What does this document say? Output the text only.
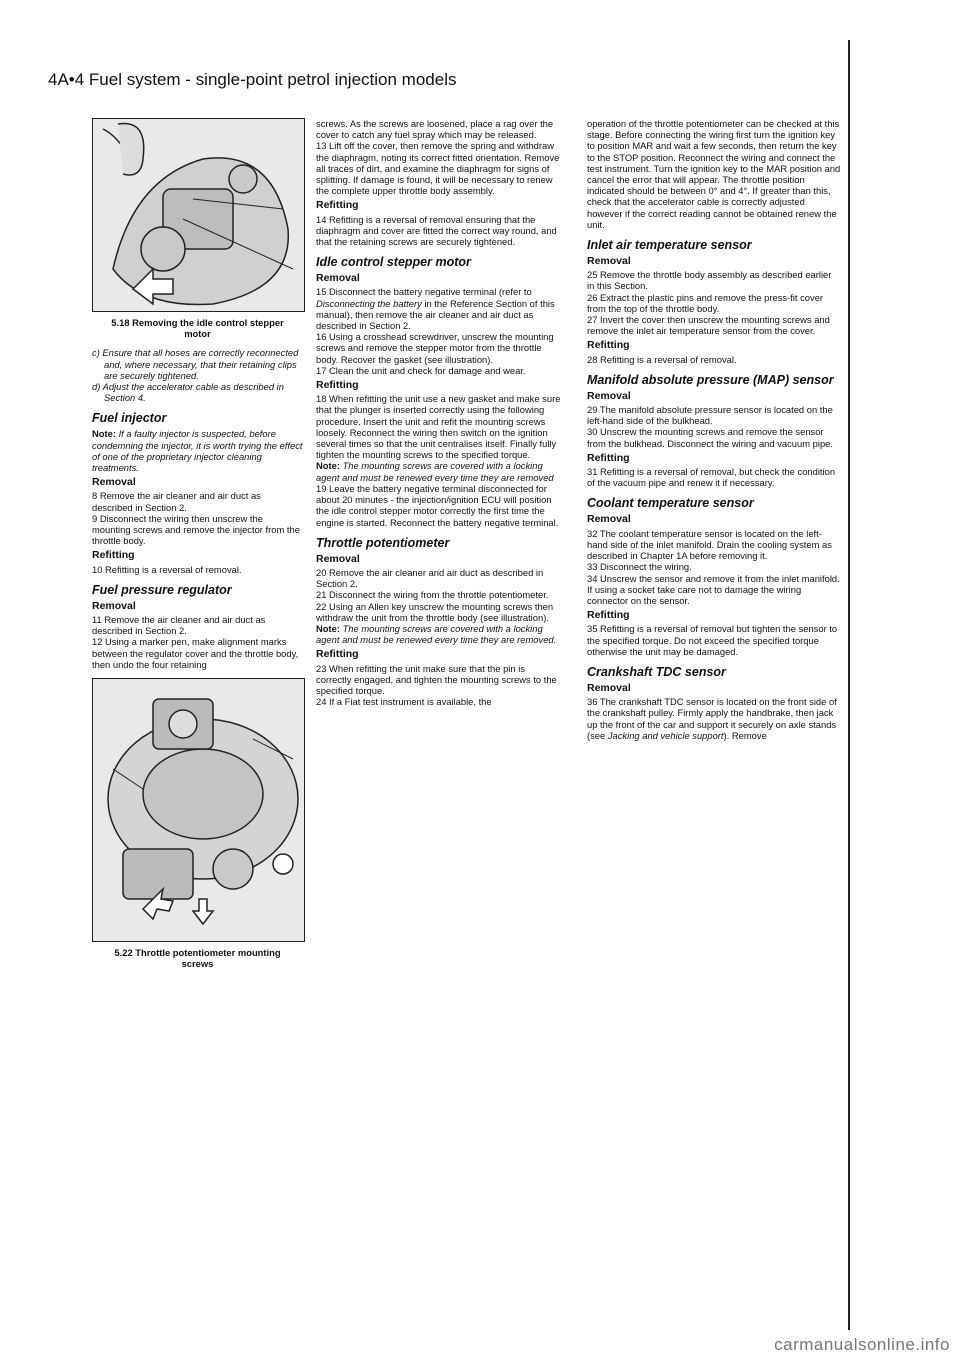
4A•4 Fuel system - single-point petrol injection models
5.18 Removing the idle control stepper motor

c) Ensure that all hoses are correctly reconnected and, where necessary, that their retaining clips are securely tightened.

d) Adjust the accelerator cable as described in Section 4.

Fuel injector

Note: If a faulty injector is suspected, before condemning the injector, it is worth trying the effect of one of the proprietary injector cleaning treatments.

Removal

8 Remove the air cleaner and air duct as described in Section 2.

9 Disconnect the wiring then unscrew the mounting screws and remove the injector from the throttle body.

Refitting

10 Refitting is a reversal of removal.

Fuel pressure regulator
Removal

11 Remove the air cleaner and air duct as described in Section 2.

12 Using a marker pen, make alignment marks between the regulator cover and the throttle body, then undo the four retaining

5.22 Throttle potentiometer mounting screws

screws. As the screws are loosened, place a rag over the cover to catch any fuel spray which may be released.

13 Lift off the cover, then remove the spring and withdraw the diaphragm, noting its correct fitted orientation. Remove all traces of dirt, and examine the diaphragm for signs of splitting. If damage is found, it will be necessary to renew the complete upper throttle body assembly.

Refitting

14 Refitting is a reversal of removal ensuring that the diaphragm and cover are fitted the correct way round, and that the retaining screws are securely tightened.

Idle control stepper motor
Removal

15 Disconnect the battery negative terminal (refer to Disconnecting the battery in the Reference Section of this manual), then remove the air cleaner and air duct as described in Section 2.

16 Using a crosshead screwdriver, unscrew the mounting screws and remove the stepper motor from the throttle body. Recover the gasket (see illustration).

17 Clean the unit and check for damage and wear.

Refitting

18 When refitting the unit use a new gasket and make sure that the plunger is inserted correctly using the following procedure. Insert the unit and refit the mounting screws loosely. Reconnect the wiring then switch on the ignition several times so that the unit centralises itself. Finally fully tighten the mounting screws to the specified torque.

Note: The mounting screws are covered with a locking agent and must be renewed every time they are removed

19 Leave the battery negative terminal disconnected for about 20 minutes - the injection/ignition ECU will position the idle control stepper motor correctly the first time the engine is started. Reconnect the battery negative terminal.

Throttle potentiometer
Removal

20 Remove the air cleaner and air duct as described in Section 2.

21 Disconnect the wiring from the throttle potentiometer.

22 Using an Allen key unscrew the mounting screws then withdraw the unit from the throttle body (see illustration). Note: The mounting screws are covered with a locking agent and must be renewed every time they are removed.

Refitting

23 When refitting the unit make sure that the pin is correctly engaged, and tighten the mounting screws to the specified torque.

24 If a Fiat test instrument is available, the

operation of the throttle potentiometer can be checked at this stage. Before connecting the wiring first turn the ignition key to position MAR and wait a few seconds, then return the key to the STOP position. Reconnect the wiring and connect the test instrument. Turn the ignition key to the MAR position and cancel the error that will appear. The throttle position indicated should be between 0° and 4°. If greater than this, check that the accelerator cable is correctly adjusted however if the correct reading cannot be obtained renew the unit.

Inlet air temperature sensor
Removal

25 Remove the throttle body assembly as described earlier in this Section.

26 Extract the plastic pins and remove the press-fit cover from the top of the throttle body.

27 Invert the cover then unscrew the mounting screws and remove the inlet air temperature sensor from the cover.

Refitting

28 Refitting is a reversal of removal.

Manifold absolute pressure (MAP) sensor
Removal

29 The manifold absolute pressure sensor is located on the left-hand side of the bulkhead.

30 Unscrew the mounting screws and remove the sensor from the bulkhead. Disconnect the wiring and vacuum pipe.

Refitting

31 Refitting is a reversal of removal, but check the condition of the vacuum pipe and renew it if necessary.

Coolant temperature sensor
Removal

32 The coolant temperature sensor is located on the left-hand side of the inlet manifold. Drain the cooling system as described in Chapter 1A before removing it.

33 Disconnect the wiring.

34 Unscrew the sensor and remove it from the inlet manifold. If using a socket take care not to damage the wiring connector on the sensor.

Refitting

35 Refitting is a reversal of removal but tighten the sensor to the specified torque. Do not exceed the specified torque otherwise the unit may be damaged.

Crankshaft TDC sensor
Removal

36 The crankshaft TDC sensor is located on the front side of the crankshaft pulley. Firmly apply the handbrake, then jack up the front of the car and support it securely on axle stands (see Jacking and vehicle support). Remove

carmanualsonline.info
